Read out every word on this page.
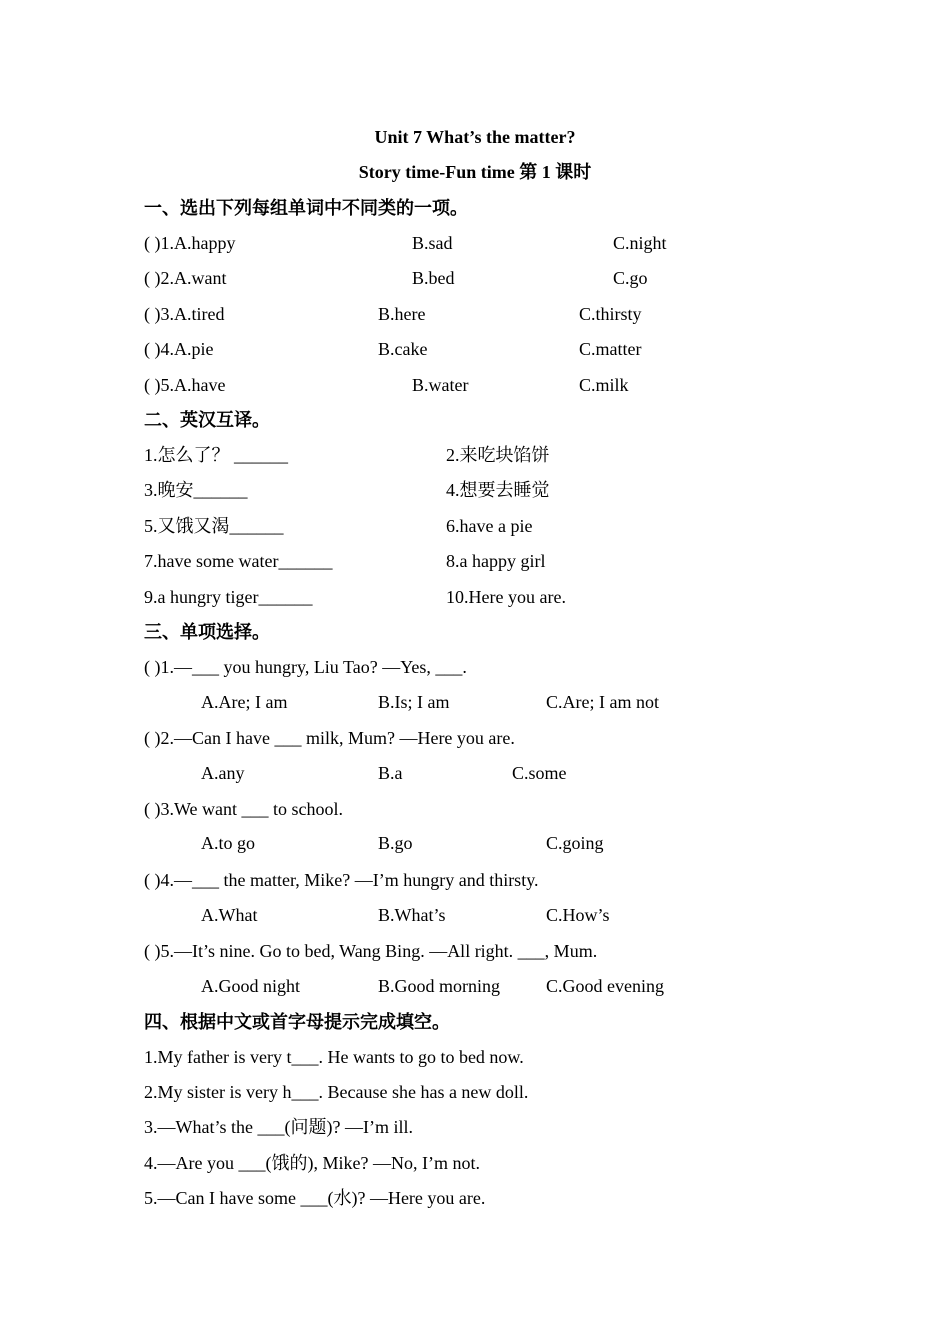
Unit 7 What’s the matter?
Story time-Fun time 第 1 课时
一、选出下列每组单词中不同类的一项。
( )1.A.happy	B.sad	C.night
( )2.A.want	B.bed	C.go
( )3.A.tired	B.here	C.thirsty
( )4.A.pie	B.cake	C.matter
( )5.A.have	B.water	C.milk
二、英汉互译。
1.怎么了？ ______	2.来吃块馅饼
3.晚安______	4.想要去睡觉
5.又饿又渴______	6.have a pie
7.have some water______	8.a happy girl
9.a hungry tiger______	10.Here you are.
三、单项选择。
( )1.—___ you hungry, Liu Tao? —Yes, ___.
A.Are; I am	B.Is; I am	C.Are; I am not
( )2.—Can I have ___ milk, Mum? —Here you are.
A.any	B.a	C.some
( )3.We want ___ to school.
A.to go	B.go	C.going
( )4.—___ the matter, Mike? —I’m hungry and thirsty.
A.What	B.What’s	C.How’s
( )5.—It’s nine. Go to bed, Wang Bing. —All right. ___, Mum.
A.Good night	B.Good morning	C.Good evening
四、根据中文或首字母提示完成填空。
1.My father is very t___. He wants to go to bed now.
2.My sister is very h___. Because she has a new doll.
3.—What’s the ___(问题)? —I’m ill.
4.—Are you ___(饿的), Mike? —No, I’m not.
5.—Can I have some ___(水)? —Here you are.
